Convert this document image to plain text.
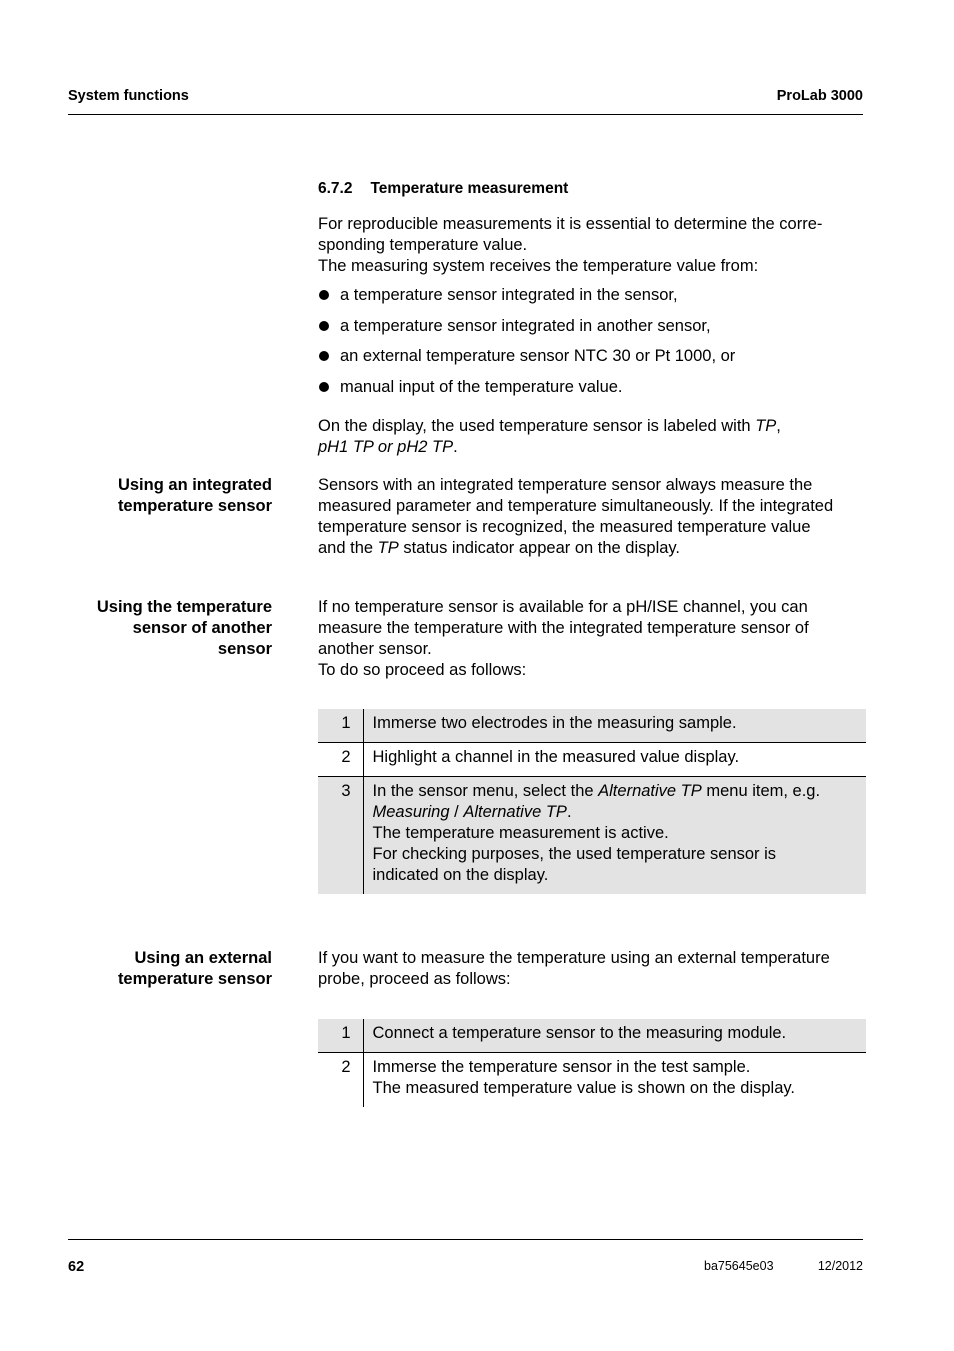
System functions	ProLab 3000
6.7.2 Temperature measurement
For reproducible measurements it is essential to determine the corre-
sponding temperature value.
The measuring system receives the temperature value from:
a temperature sensor integrated in the sensor,
a temperature sensor integrated in another sensor,
an external temperature sensor NTC 30 or Pt 1000, or
manual input of the temperature value.
On the display, the used temperature sensor is labeled with TP,
pH1 TP or pH2 TP.
Using an integrated
temperature sensor
Sensors with an integrated temperature sensor always measure the
measured parameter and temperature simultaneously. If the integrated
temperature sensor is recognized, the measured temperature value
and the TP status indicator appear on the display.
Using the temperature
sensor of another
sensor
If no temperature sensor is available for a pH/ISE channel, you can
measure the temperature with the integrated temperature sensor of
another sensor.
To do so proceed as follows:
1	Immerse two electrodes in the measuring sample.
2	Highlight a channel in the measured value display.
3	In the sensor menu, select the Alternative TP menu item, e.g.
Measuring / Alternative TP.
The temperature measurement is active.
For checking purposes, the used temperature sensor is
indicated on the display.
Using an external
temperature sensor
If you want to measure the temperature using an external temperature
probe, proceed as follows:
1	Connect a temperature sensor to the measuring module.
2	Immerse the temperature sensor in the test sample.
The measured temperature value is shown on the display.
62	ba75645e03	12/2012
